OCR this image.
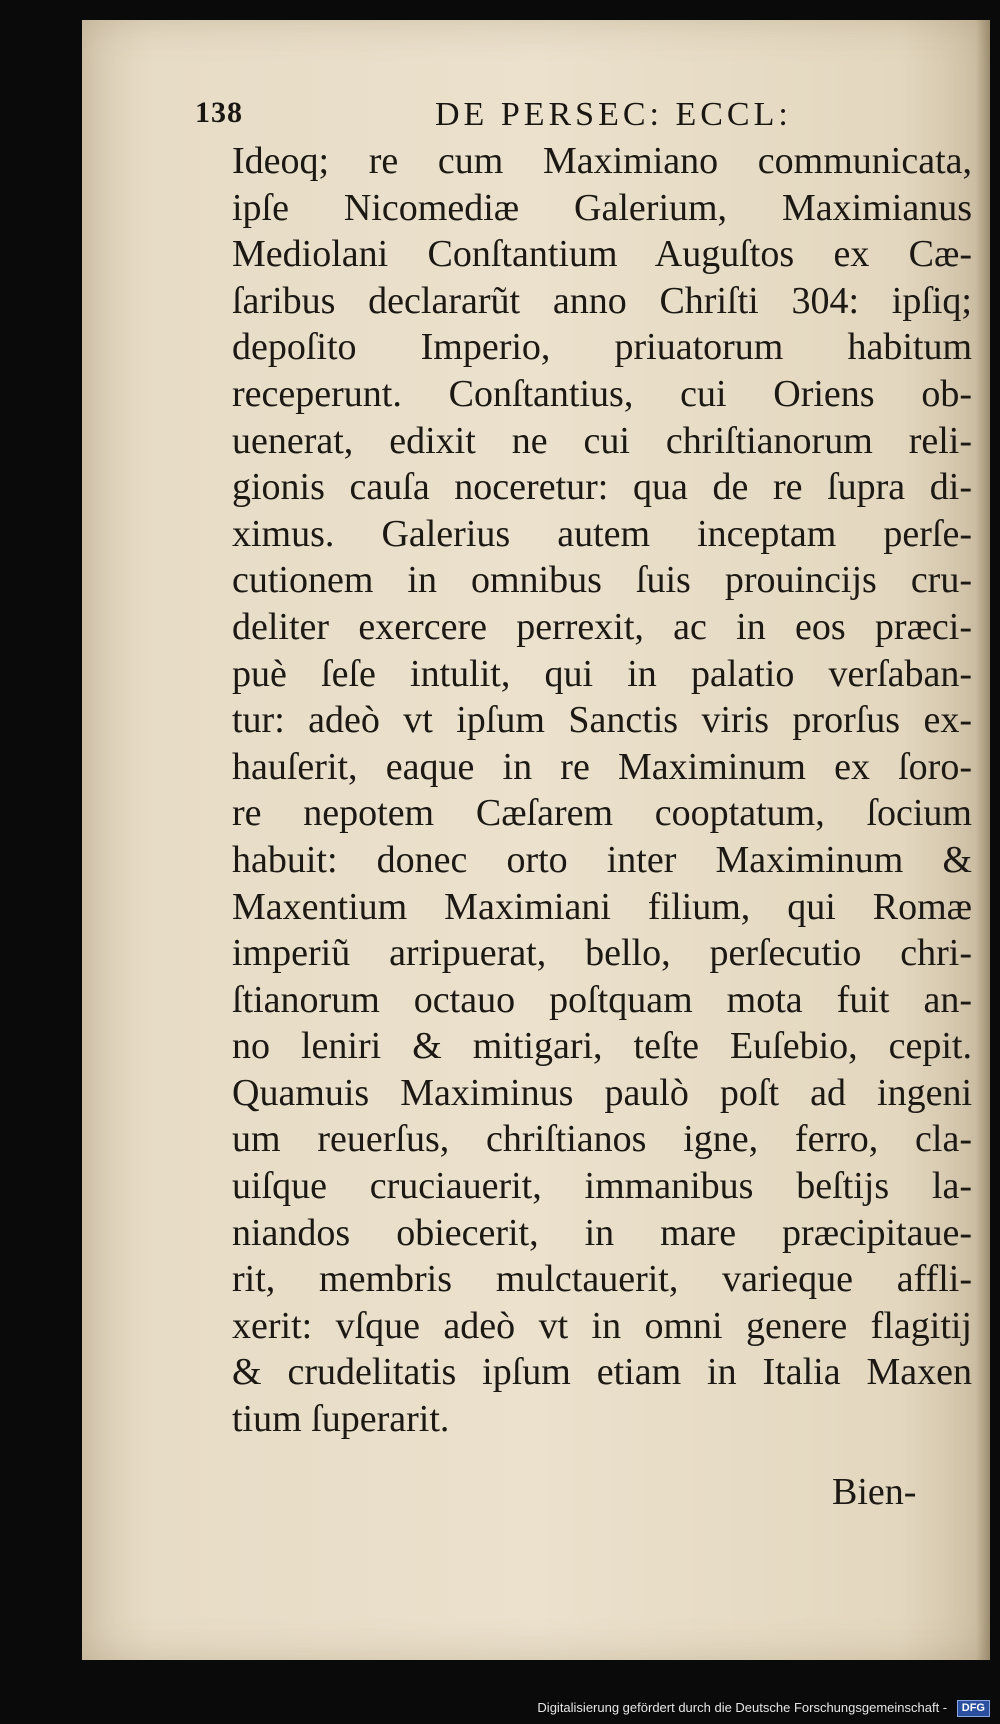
138	DE PERSEC: ECCL:
Ideoq; re cum Maximiano communicata,
ipſe Nicomediæ Galerium, Maximianus
Mediolani Conſtantium Auguſtos ex Cæ-
ſaribus declararũt anno Chriſti 304: ipſiq;
depoſito Imperio, priuatorum habitum
receperunt. Conſtantius, cui Oriens ob-
uenerat, edixit ne cui chriſtianorum reli-
gionis cauſa noceretur: qua de re ſupra di-
ximus. Galerius autem inceptam perſe-
cutionem in omnibus ſuis prouincijs cru-
deliter exercere perrexit, ac in eos præci-
puè ſeſe intulit, qui in palatio verſaban-
tur: adeò vt ipſum Sanctis viris prorſus ex-
hauſerit, eaque in re Maximinum ex ſoro-
re nepotem Cæſarem cooptatum, ſocium
habuit: donec orto inter Maximinum &
Maxentium Maximiani filium, qui Romæ
imperiũ arripuerat, bello, perſecutio chri-
ſtianorum octauo poſtquam mota fuit an-
no leniri & mitigari, teſte Euſebio, cepit.
Quamuis Maximinus paulò poſt ad ingeni
um reuerſus, chriſtianos igne, ferro, cla-
uiſque cruciauerit, immanibus beſtijs la-
niandos obiecerit, in mare præcipitaue-
rit, membris mulctauerit, varieque affli-
xerit: vſque adeò vt in omni genere flagitij
& crudelitatis ipſum etiam in Italia Maxen
tium ſuperarit.
Bien-
Digitalisierung gefördert durch die Deutsche Forschungsgemeinschaft - DFG
